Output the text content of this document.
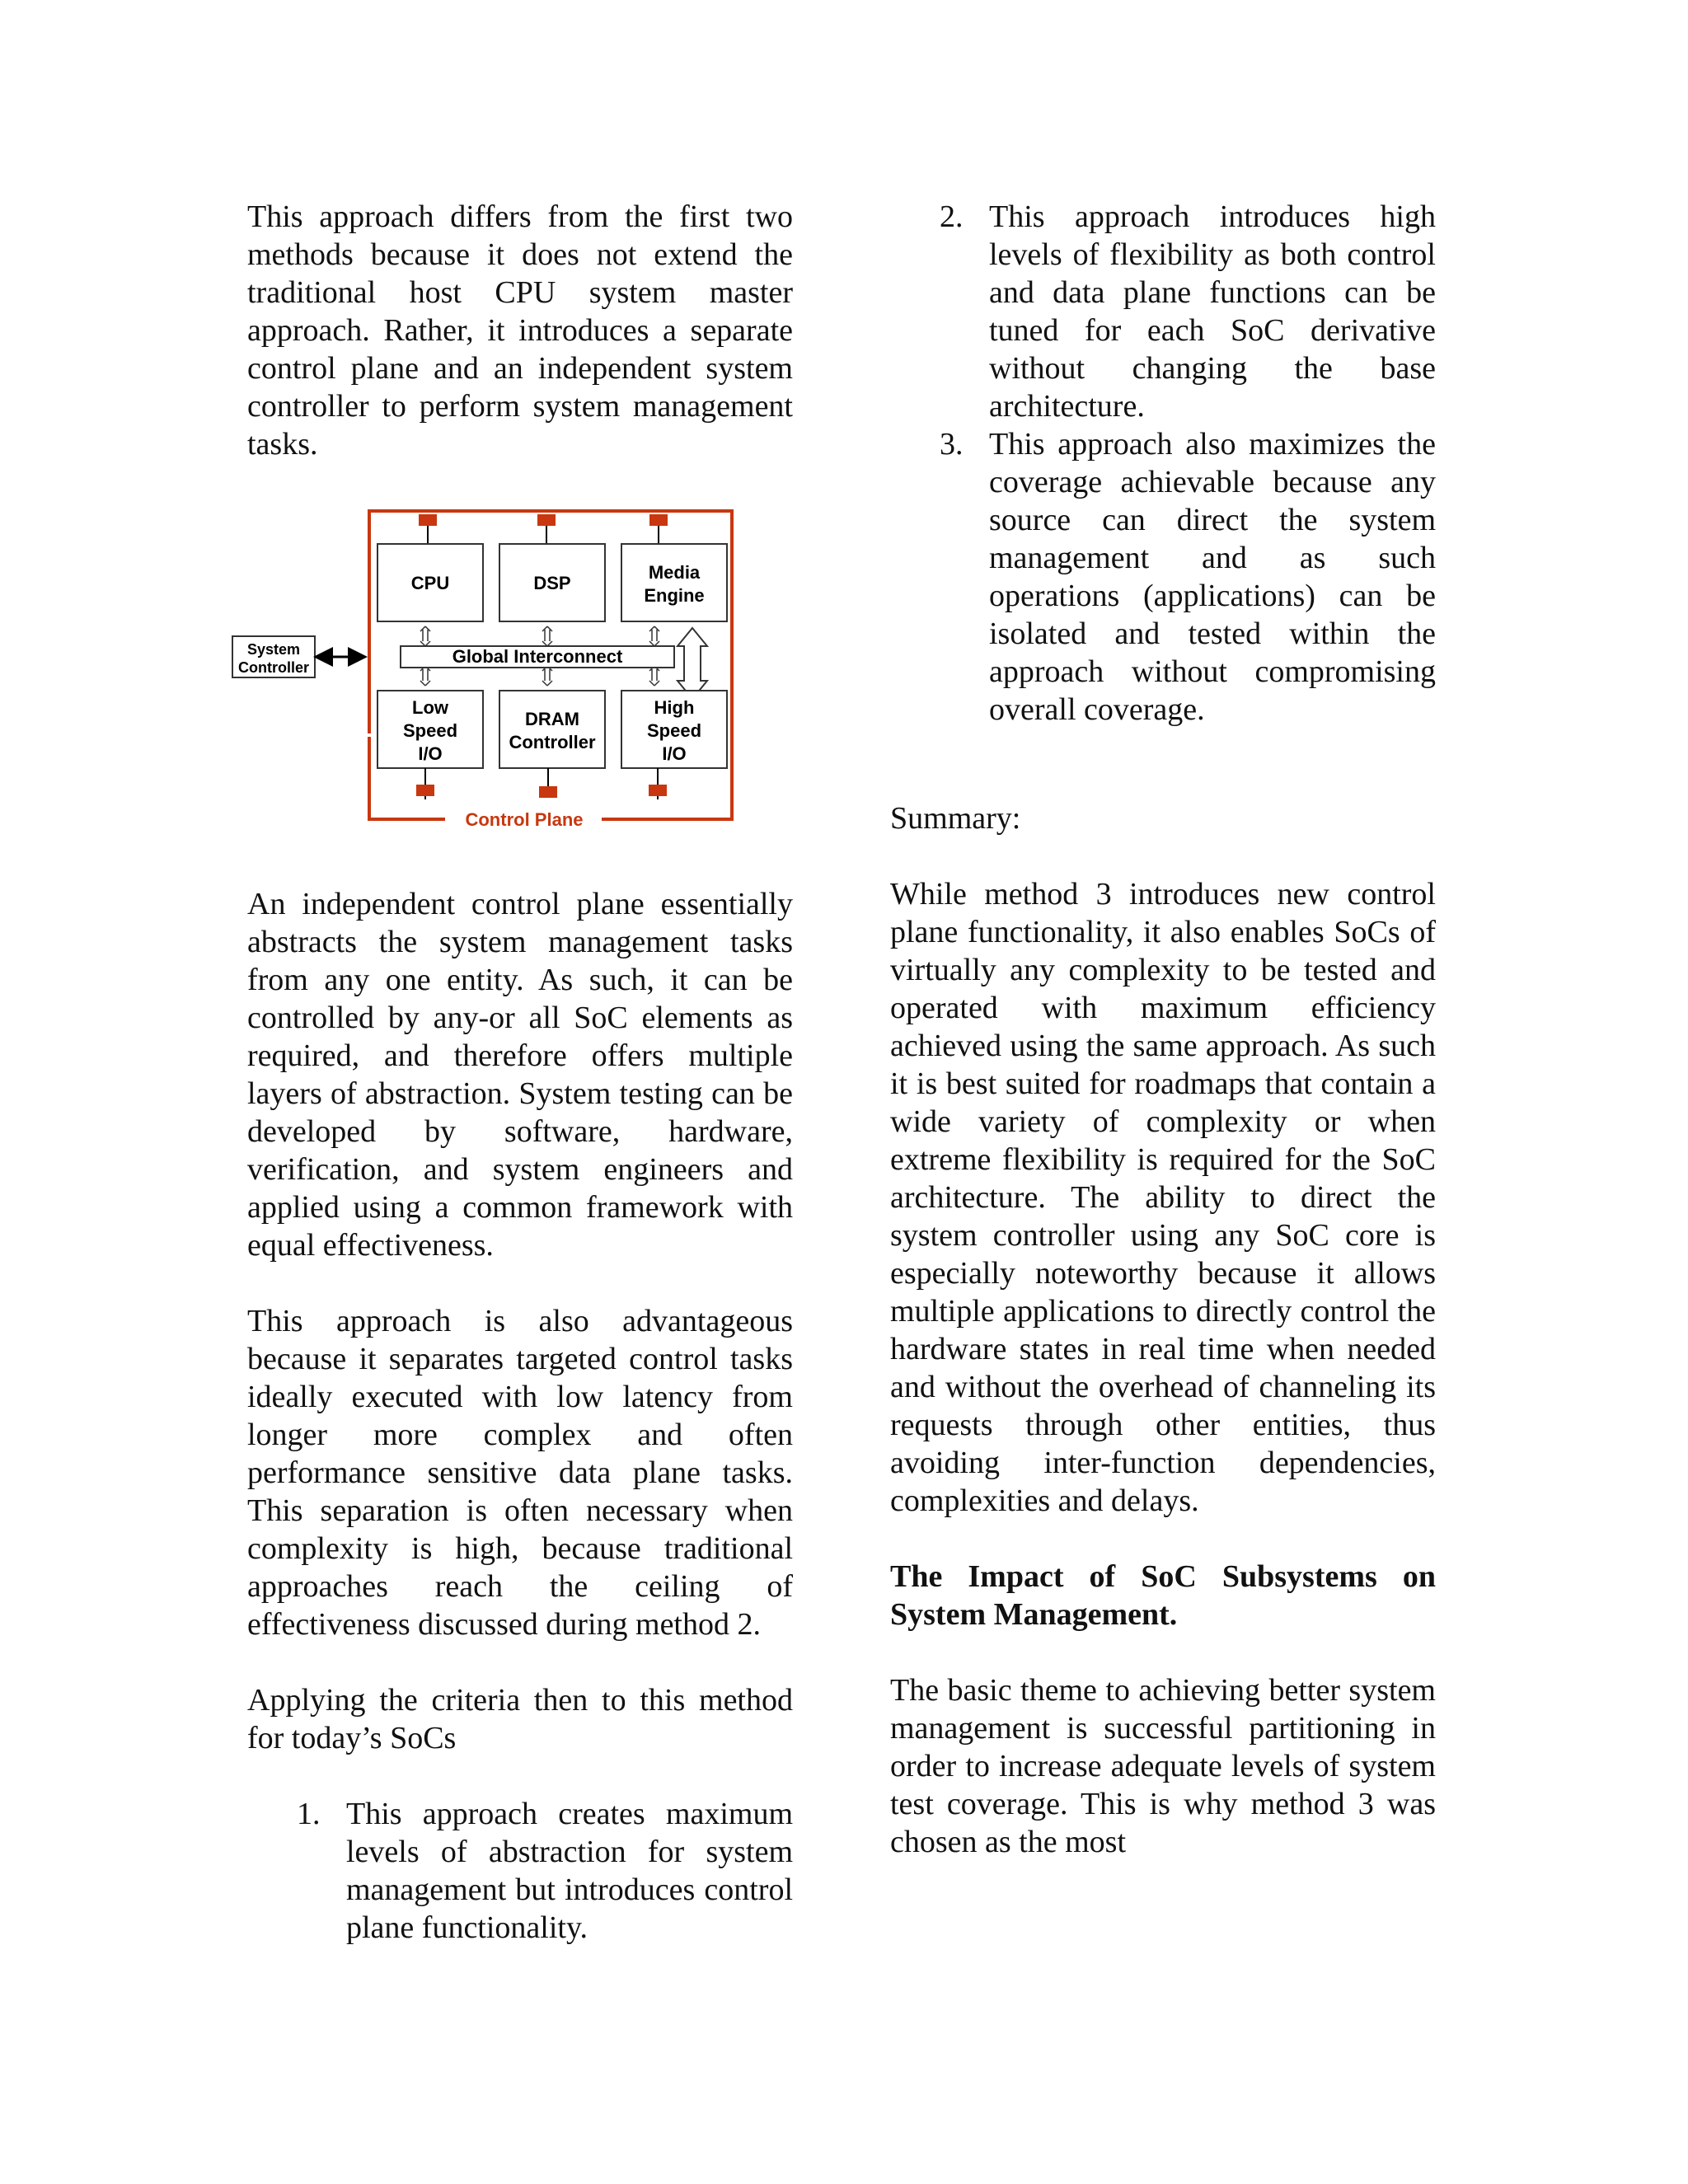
This approach differs from the first two methods because it does not extend the traditional host CPU system master approach. Rather, it introduces a separate control plane and an independent system controller to perform system management tasks.

CPU	DSP
Media
Engine
Global Interconnect
System
Controller
Low
Speed
I/O
DRAM
Controller
High
Speed
I/O
Control Plane

An independent control plane essentially abstracts the system management tasks from any one entity. As such, it can be controlled by any-or all SoC elements as required, and therefore offers multiple layers of abstraction. System testing can be developed by software, hardware, verification, and system engineers and applied using a common framework with equal effectiveness.

This approach is also advantageous because it separates targeted control tasks ideally executed with low latency from longer more complex and often performance sensitive data plane tasks. This separation is often necessary when complexity is high, because traditional approaches reach the ceiling of effectiveness discussed during method 2.

Applying the criteria then to this method for today’s SoCs

1. This approach creates maximum levels of abstraction for system management but introduces control plane functionality.
2. This approach introduces high levels of flexibility as both control and data plane functions can be tuned for each SoC derivative without changing the base architecture.
3. This approach also maximizes the coverage achievable because any source can direct the system management and as such operations (applications) can be isolated and tested within the approach without compromising overall coverage.

Summary:

While method 3 introduces new control plane functionality, it also enables SoCs of virtually any complexity to be tested and operated with maximum efficiency achieved using the same approach. As such it is best suited for roadmaps that contain a wide variety of complexity or when extreme flexibility is required for the SoC architecture. The ability to direct the system controller using any SoC core is especially noteworthy because it allows multiple applications to directly control the hardware states in real time when needed and without the overhead of channeling its requests through other entities, thus avoiding inter-function dependencies, complexities and delays.

The Impact of SoC Subsystems on System Management.

The basic theme to achieving better system management is successful partitioning in order to increase adequate levels of system test coverage. This is why method 3 was chosen as the most
